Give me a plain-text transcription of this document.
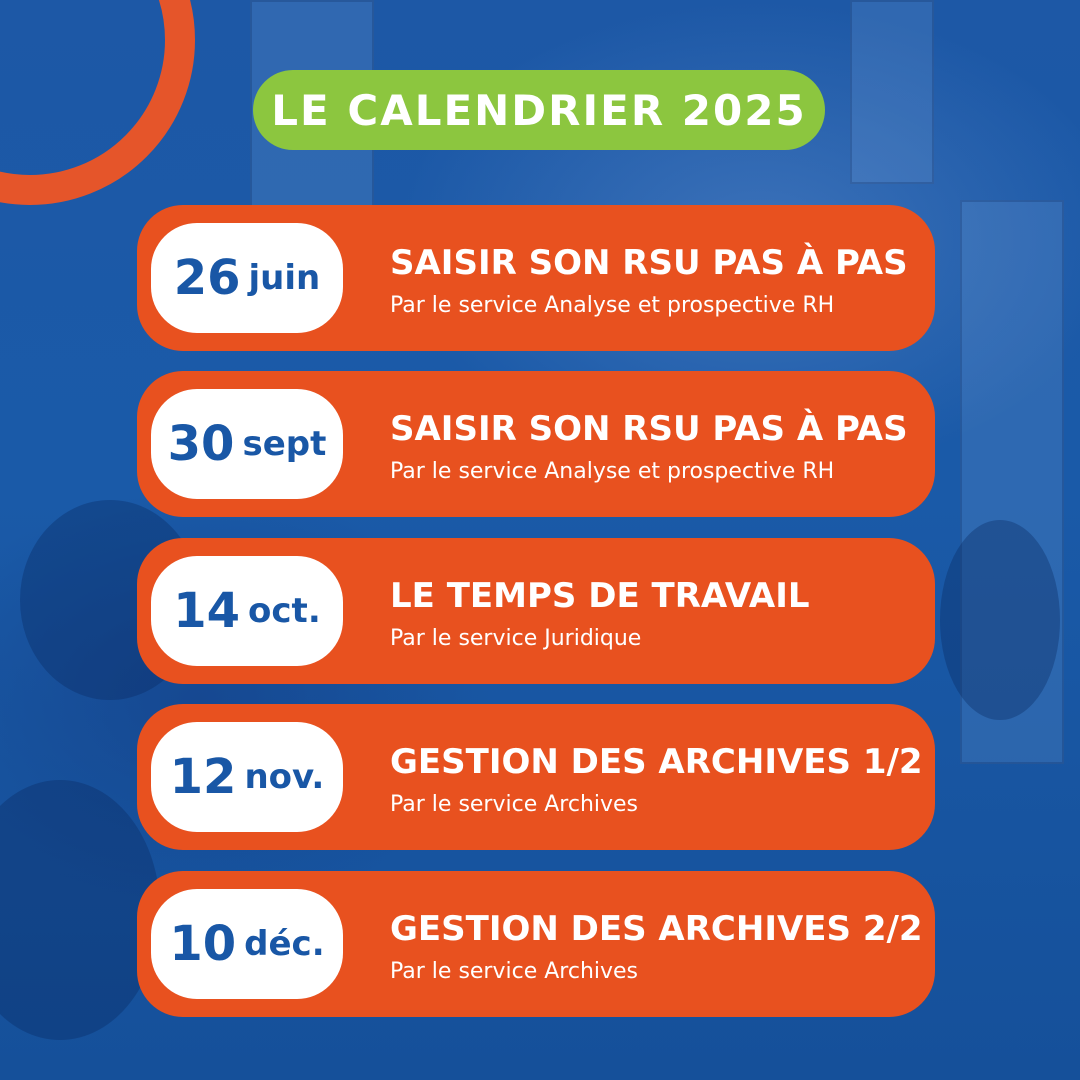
LE CALENDRIER 2025
26 juin SAISIR SON RSU PAS À PAS
Par le service Analyse et prospective RH
30 sept SAISIR SON RSU PAS À PAS
Par le service Analyse et prospective RH
14 oct. LE TEMPS DE TRAVAIL
Par le service Juridique
12 nov. GESTION DES ARCHIVES 1/2
Par le service Archives
10 déc. GESTION DES ARCHIVES 2/2
Par le service Archives
